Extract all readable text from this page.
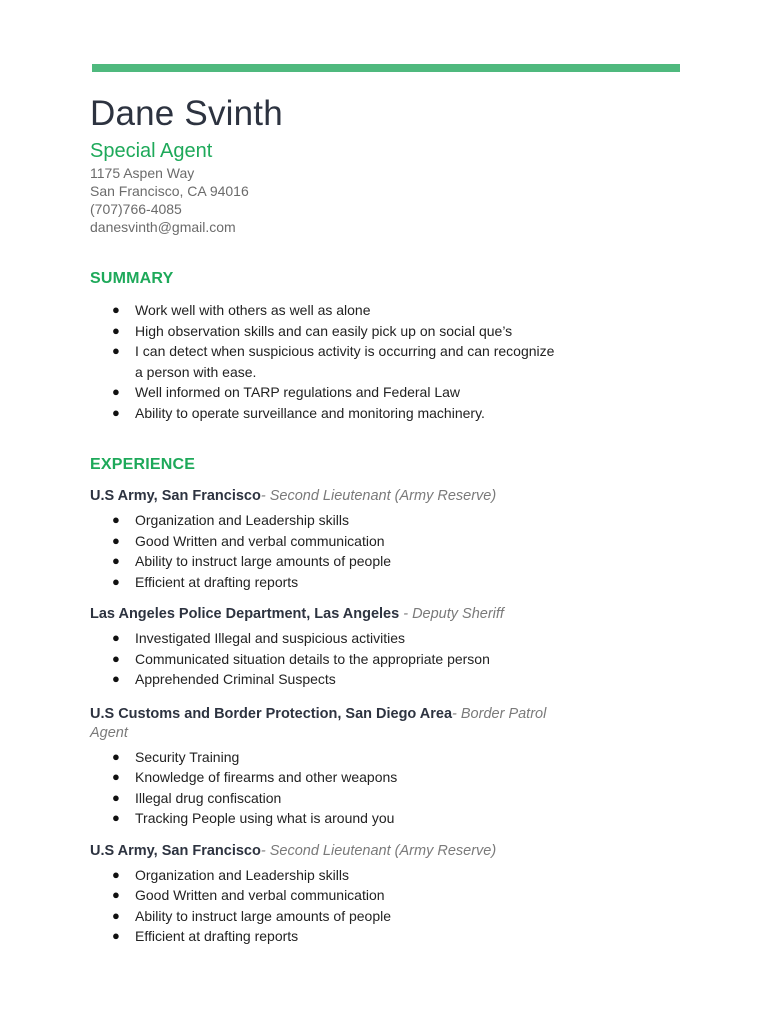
Dane Svinth
Special Agent
1175 Aspen Way
San Francisco, CA 94016
(707)766-4085
danesvinth@gmail.com
SUMMARY
● Work well with others as well as alone
● High observation skills and can easily pick up on social que’s
● I can detect when suspicious activity is occurring and can recognize a person with ease.
● Well informed on TARP regulations and Federal Law
● Ability to operate surveillance and monitoring machinery.
EXPERIENCE
U.S Army, San Francisco- Second Lieutenant (Army Reserve)
● Organization and Leadership skills
● Good Written and verbal communication
● Ability to instruct large amounts of people
● Efficient at drafting reports
Las Angeles Police Department, Las Angeles - Deputy Sheriff
● Investigated Illegal and suspicious activities
● Communicated situation details to the appropriate person
● Apprehended Criminal Suspects
U.S Customs and Border Protection, San Diego Area- Border Patrol Agent
● Security Training
● Knowledge of firearms and other weapons
● Illegal drug confiscation
● Tracking People using what is around you
U.S Army, San Francisco- Second Lieutenant (Army Reserve)
● Organization and Leadership skills
● Good Written and verbal communication
● Ability to instruct large amounts of people
● Efficient at drafting reports
